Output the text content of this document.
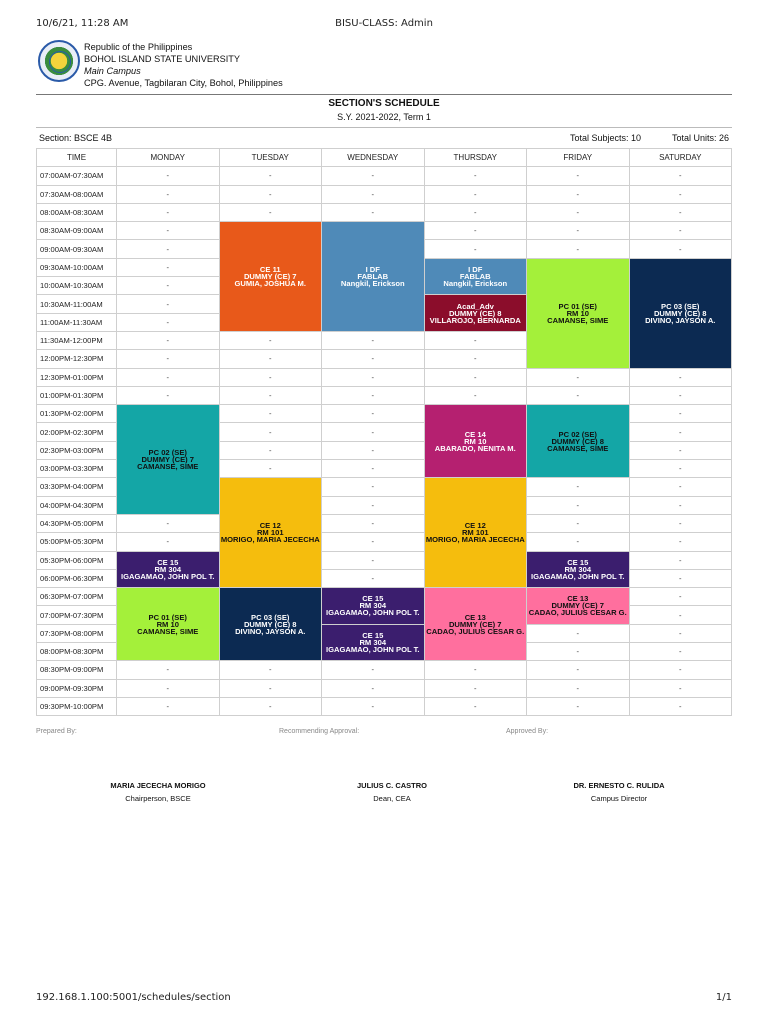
10/6/21, 11:28 AM	BISU-CLASS: Admin
Republic of the Philippines
BOHOL ISLAND STATE UNIVERSITY
Main Campus
CPG. Avenue, Tagbilaran City, Bohol, Philippines
SECTION'S SCHEDULE
S.Y. 2021-2022, Term 1
Section: BSCE 4B	Total Subjects: 10	Total Units: 26
TIME	MONDAY	TUESDAY	WEDNESDAY	THURSDAY	FRIDAY	SATURDAY
07:00AM-07:30AM	-	-	-	-	-	-
07:30AM-08:00AM	-	-	-	-	-	-
08:00AM-08:30AM	-	-	-	-	-	-
08:30AM-09:00AM	-	CE 11
DUMMY (CE) 7
GUMIA, JOSHUA M.	I DF
FABLAB
Nangkil, Erickson	-	-	-
09:00AM-09:30AM	-			-	-	-
09:30AM-10:00AM	-			I DF
FABLAB
Nangkil, Erickson	PC 01 (SE)
RM 10
CAMANSE, SIME	PC 03 (SE)
DUMMY (CE) 8
DIVINO, JAYSON A.

10:00AM-10:30AM	-					
10:30AM-11:00AM	-			Acad_Adv
DUMMY (CE) 8
VILLAROJO, BERNARDA		

11:00AM-11:30AM	-					
11:30AM-12:00PM	-	-	-	-		
12:00PM-12:30PM	-	-	-	-		
12:30PM-01:00PM	-	-	-	-	-	-
01:00PM-01:30PM	-	-	-	-	-	-
01:30PM-02:00PM	PC 02 (SE)
DUMMY (CE) 7
CAMANSE, SIME	-	-	CE 14
RM 10
ABARADO, NENITA M.	PC 02 (SE)
DUMMY (CE) 8
CAMANSE, SIME	-
02:00PM-02:30PM		-	-			-
02:30PM-03:00PM		-	-			-
03:00PM-03:30PM		-	-			-
03:30PM-04:00PM		CE 12
RM 101
MORIGO, MARIA JECECHA	-	CE 12
RM 101
MORIGO, MARIA JECECHA	-	-
04:00PM-04:30PM			-		-	-
04:30PM-05:00PM	-		-		-	-
05:00PM-05:30PM	-		-		-	-
05:30PM-06:00PM	CE 15
RM 304
IGAGAMAO, JOHN POL T.		-		CE 15
RM 304
IGAGAMAO, JOHN POL T.	-
06:00PM-06:30PM			-			-
06:30PM-07:00PM	PC 01 (SE)
RM 10
CAMANSE, SIME	PC 03 (SE)
DUMMY (CE) 8
DIVINO, JAYSON A.	CE 15
RM 304
IGAGAMAO, JOHN POL T.	CE 13
DUMMY (CE) 7
CADAO, JULIUS CESAR G.	CE 13
DUMMY (CE) 7
CADAO, JULIUS CESAR G.	-
07:00PM-07:30PM						-
07:30PM-08:00PM			CE 15
RM 304
IGAGAMAO, JOHN POL T.		-	-
08:00PM-08:30PM					-	-
08:30PM-09:00PM	-	-	-	-	-	-
09:00PM-09:30PM	-	-	-	-	-	-
09:30PM-10:00PM	-	-	-	-	-	-
Prepared By:	Recommending Approval:	Approved By:
MARIA JECECHA MORIGO
Chairperson, BSCE
JULIUS C. CASTRO
Dean, CEA
DR. ERNESTO C. RULIDA
Campus Director
192.168.1.100:5001/schedules/section	1/1
